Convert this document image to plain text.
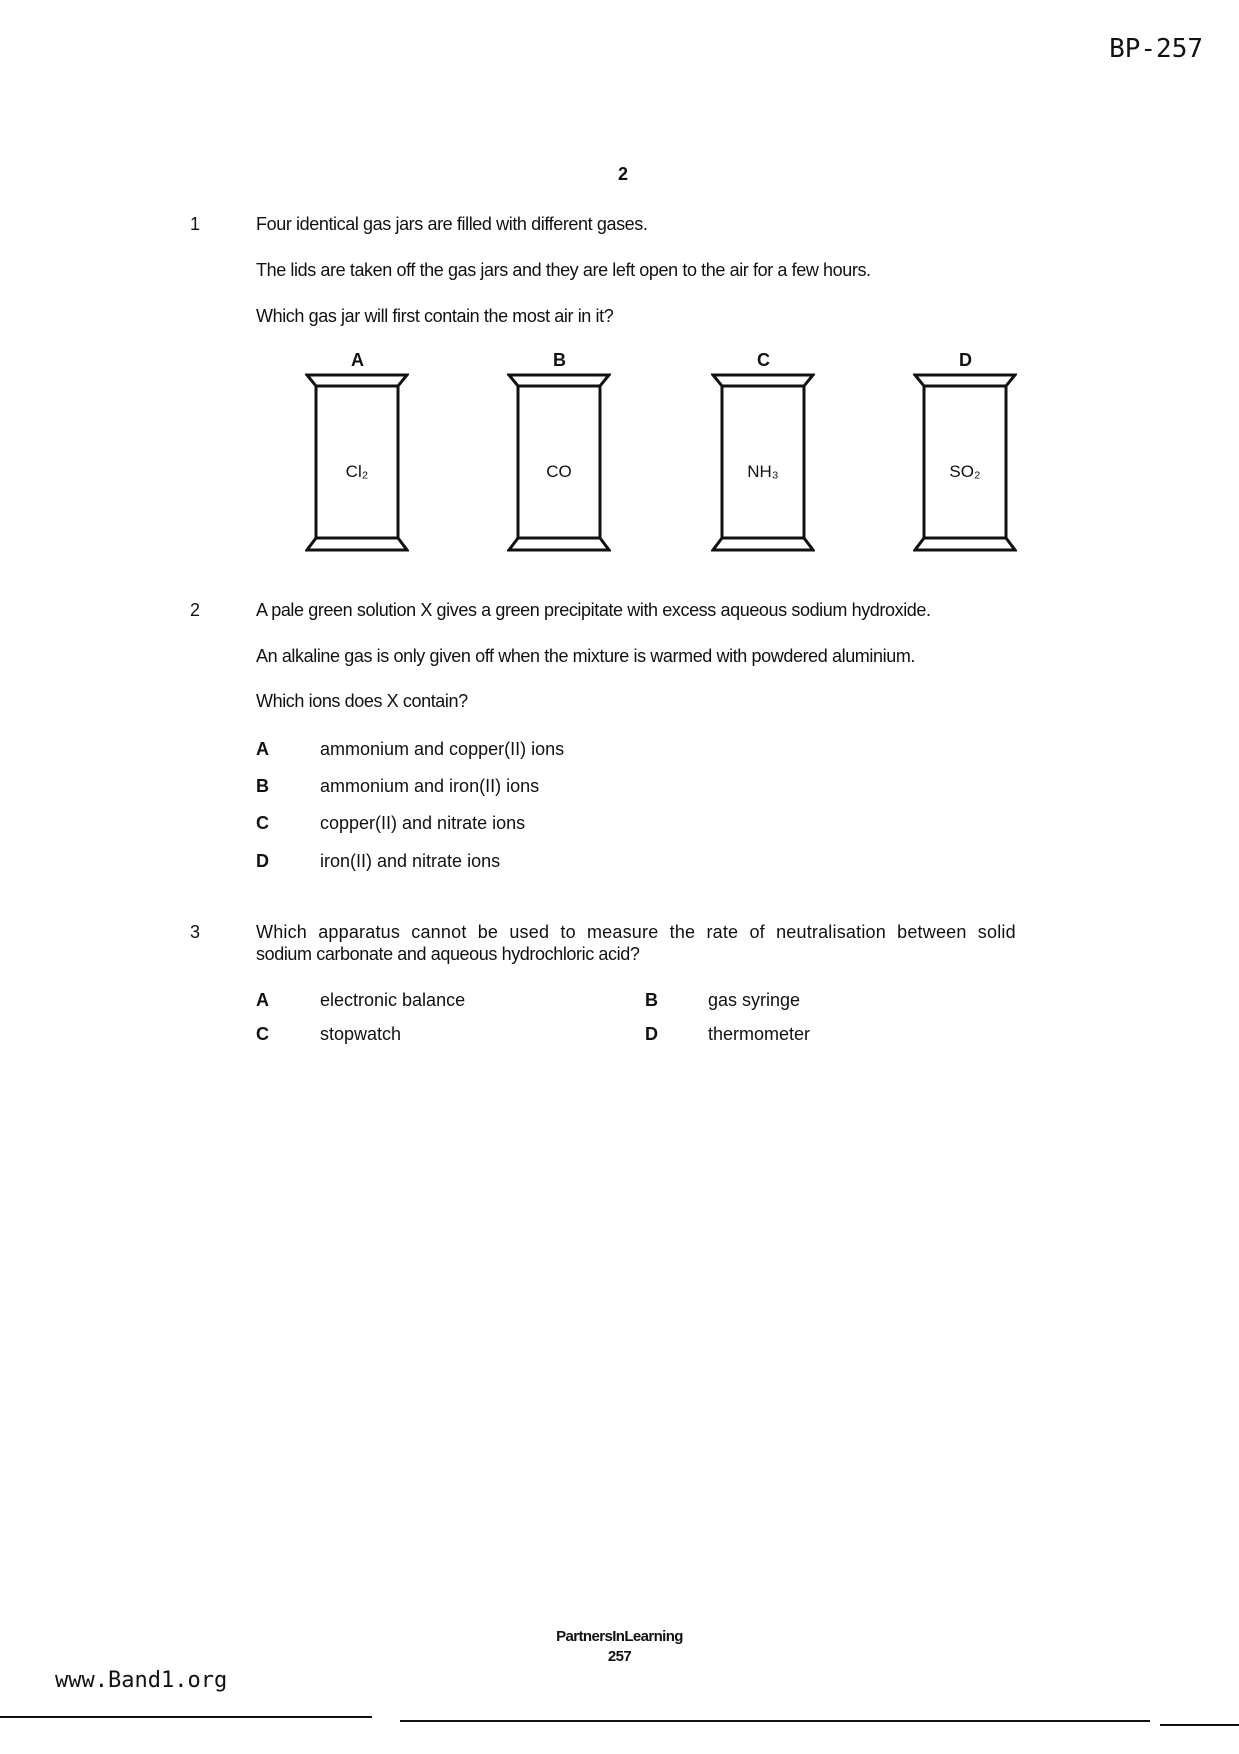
BP-257
2
1	Four identical gas jars are filled with different gases.
The lids are taken off the gas jars and they are left open to the air for a few hours.
Which gas jar will first contain the most air in it?
2	A pale green solution X gives a green precipitate with excess aqueous sodium hydroxide.
An alkaline gas is only given off when the mixture is warmed with powdered aluminium.
Which ions does X contain?
A	ammonium and copper(II) ions
B	ammonium and iron(II) ions
C	copper(II) and nitrate ions
D	iron(II) and nitrate ions
3	Which apparatus cannot be used to measure the rate of neutralisation between solid
sodium carbonate and aqueous hydrochloric acid?
A	electronic balance	B	gas syringe
C	stopwatch	D	thermometer
PartnersInLearning
257
www.Band1.org
A
Cl₂
B
CO
C
NH₃
D
SO₂
